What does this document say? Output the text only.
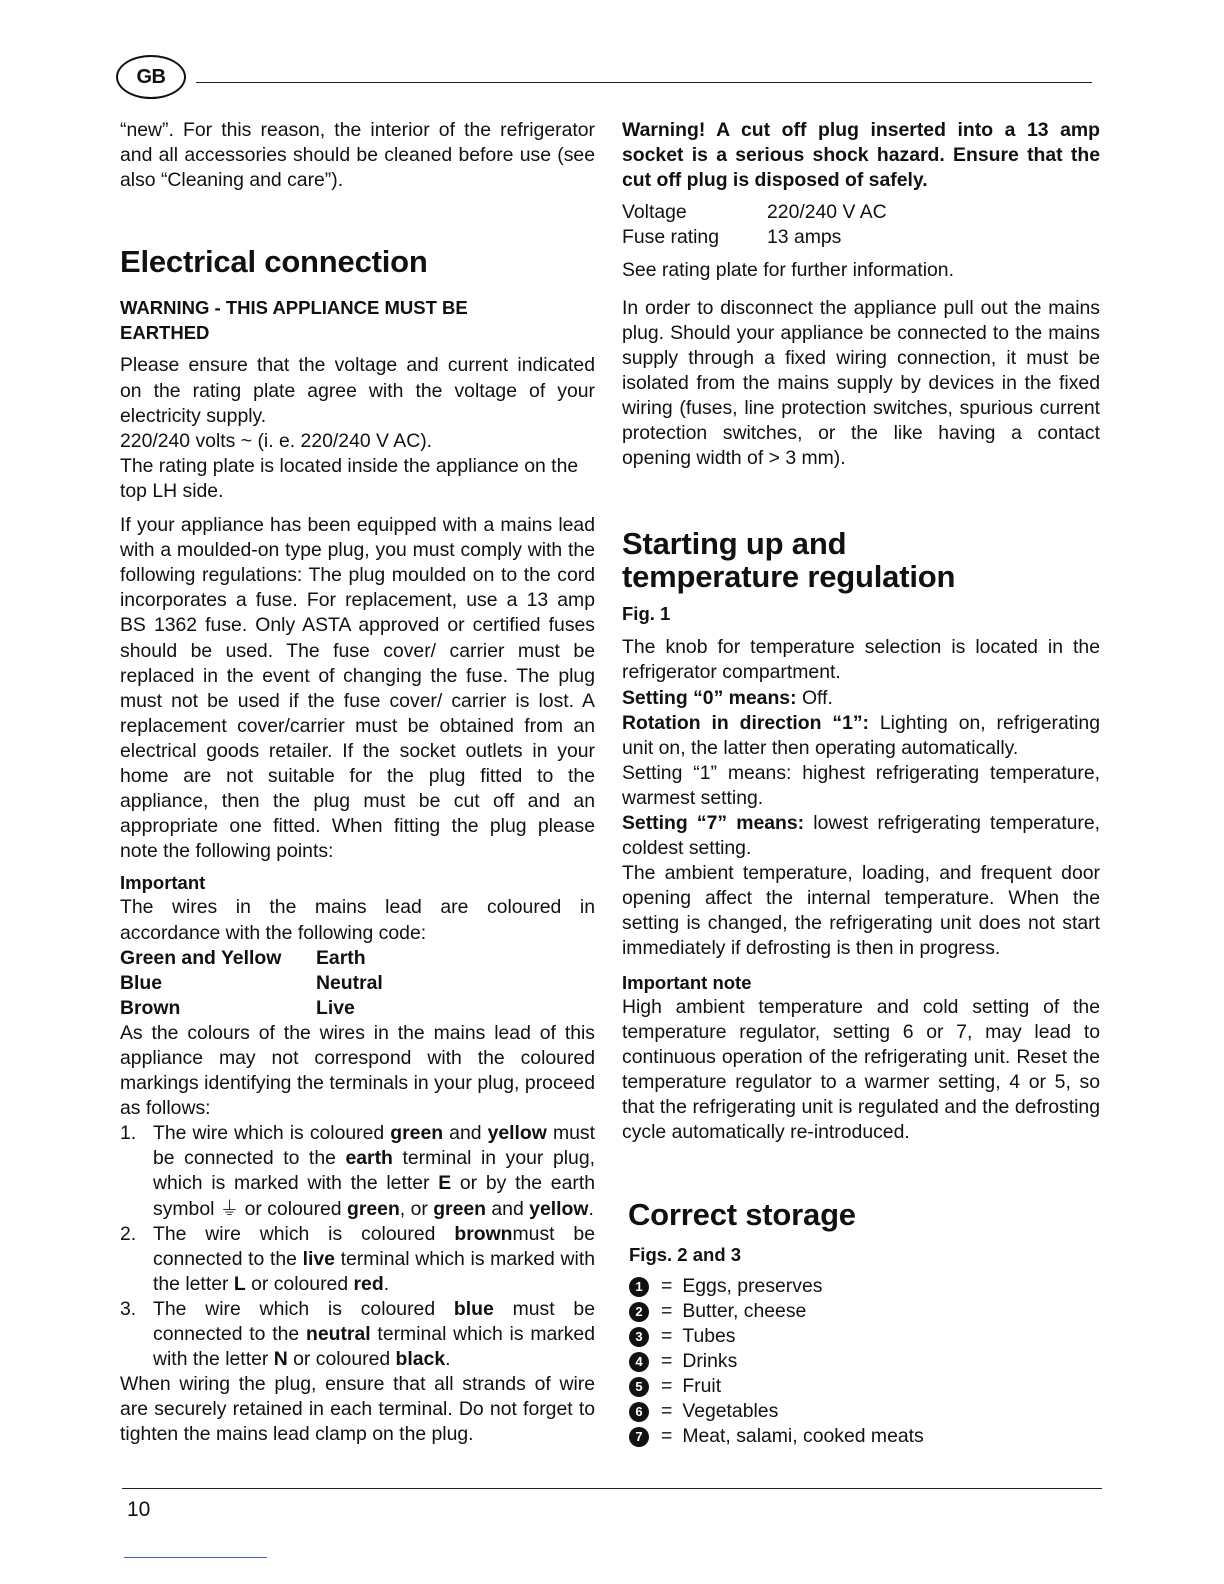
GB

“new”. For this reason, the interior of the refrigerator and all accessories should be cleaned before use (see also “Cleaning and care”).

Electrical connection

WARNING - THIS APPLIANCE MUST BE
EARTHED

Please ensure that the voltage and current indicated on the rating plate agree with the voltage of your electricity supply.

220/240 volts ~ (i. e. 220/240 V AC).

The rating plate is located inside the appliance on the top LH side.

If your appliance has been equipped with a mains lead with a moulded-on type plug, you must comply with the following regulations: The plug moulded on to the cord incorporates a fuse. For replacement, use a 13 amp BS 1362 fuse. Only ASTA approved or certified fuses should be used. The fuse cover/ carrier must be replaced in the event of changing the fuse. The plug must not be used if the fuse cover/ carrier is lost. A replacement cover/carrier must be obtained from an electrical goods retailer. If the socket outlets in your home are not suitable for the plug fitted to the appliance, then the plug must be cut off and an appropriate one fitted. When fitting the plug please note the following points:

Important

The wires in the mains lead are coloured in accordance with the following code:

Green and Yellow	Earth
Blue	Neutral
Brown	Live

As the colours of the wires in the mains lead of this appliance may not correspond with the coloured markings identifying the terminals in your plug, proceed as follows:

1. The wire which is coloured green and yellow must be connected to the earth terminal in your plug, which is marked with the letter E or by the earth symbol ⏚ or coloured green, or green and yellow.
2. The wire which is coloured brownmust be connected to the live terminal which is marked with the letter L or coloured red.
3. The wire which is coloured blue must be connected to the neutral terminal which is marked with the letter N or coloured black.

When wiring the plug, ensure that all strands of wire are securely retained in each terminal. Do not forget to tighten the mains lead clamp on the plug.

Warning! A cut off plug inserted into a 13 amp socket is a serious shock hazard. Ensure that the cut off plug is disposed of safely.

Voltage	220/240 V AC
Fuse rating	13 amps

See rating plate for further information.

In order to disconnect the appliance pull out the mains plug. Should your appliance be connected to the mains supply through a fixed wiring connection, it must be isolated from the mains supply by devices in the fixed wiring (fuses, line protection switches, spurious current protection switches, or the like having a contact opening width of > 3 mm).

Starting up and
temperature regulation

Fig. 1

The knob for temperature selection is located in the refrigerator compartment.

Setting “0” means: Off.

Rotation in direction “1”: Lighting on, refrigerating unit on, the latter then operating automatically.

Setting “1” means: highest refrigerating temperature, warmest setting.

Setting “7” means: lowest refrigerating temperature, coldest setting.

The ambient temperature, loading, and frequent door opening affect the internal temperature. When the setting is changed, the refrigerating unit does not start immediately if defrosting is then in progress.

Important note

High ambient temperature and cold setting of the temperature regulator, setting 6 or 7, may lead to continuous operation of the refrigerating unit. Reset the temperature regulator to a warmer setting, 4 or 5, so that the refrigerating unit is regulated and the defrosting cycle automatically re-introduced.

Correct storage

Figs. 2 and 3

1 = Eggs, preserves
2 = Butter, cheese
3 = Tubes
4 = Drinks
5 = Fruit
6 = Vegetables
7 = Meat, salami, cooked meats
10
